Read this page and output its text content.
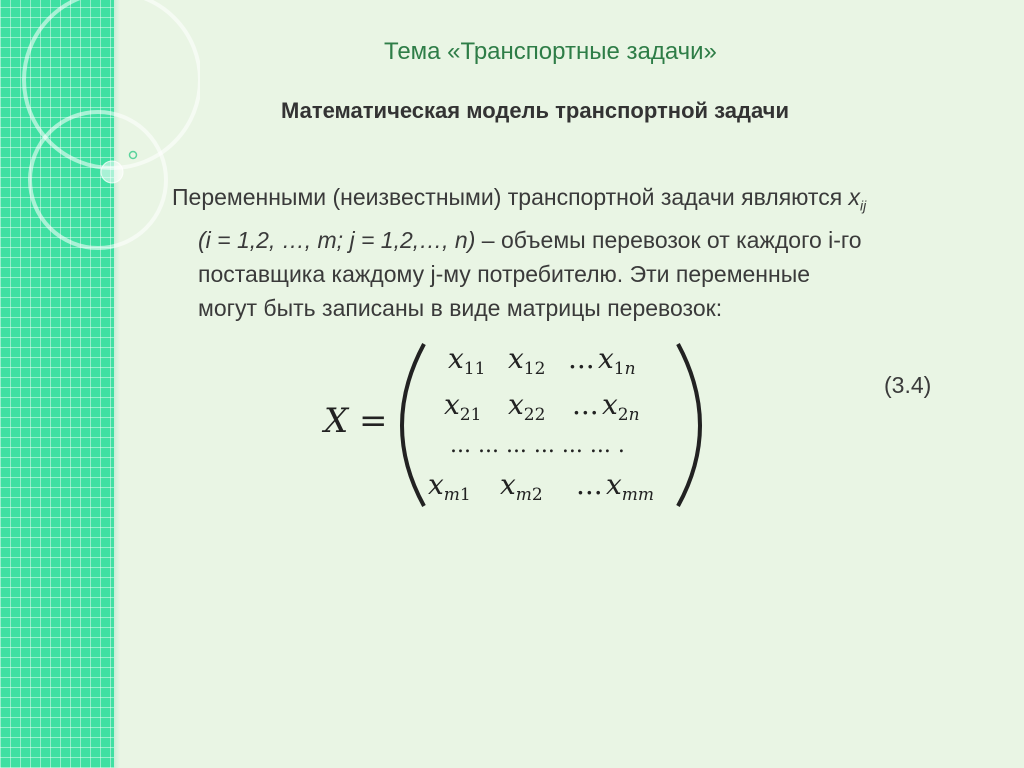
Тема «Транспортные задачи»
Математическая модель транспортной задачи
Переменными (неизвестными) транспортной задачи являются $x_{ij}$
(i = 1,2, …, m; j = 1,2,…, n) – объемы перевозок от каждого i-го
поставщика каждому j-му потребителю. Эти переменные
могут быть записаны в виде матрицы перевозок:
X =
$x_{11}$ $x_{12}$ ... $x_1n$
$x_{21}$ $x_{22}$ ... $x_2n$
... ... ... ... ... ... .
$x_m1$ $x_m2$ ... $x_{mm}$
(3.4)
